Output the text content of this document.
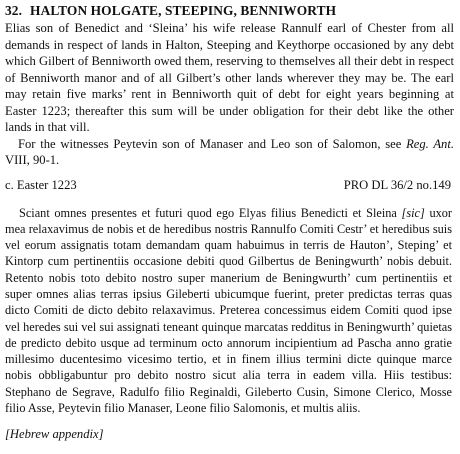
32. HALTON HOLGATE, STEEPING, BENNIWORTH

Elias son of Benedict and ‘Sleina’ his wife release Rannulf earl of Chester from all demands in respect of lands in Halton, Steeping and Keythorpe occasioned by any debt which Gilbert of Benniworth owed them, reserving to themselves all their debt in respect of Benniworth manor and of all Gilbert’s other lands wherever they may be. The earl may retain five marks’ rent in Benniworth quit of debt for eight years beginning at Easter 1223; thereafter this sum will be under obligation for their debt like the other lands in that vill.

For the witnesses Peytevin son of Manaser and Leo son of Salomon, see Reg. Ant. VIII, 90-1.

c. Easter 1223	PRO DL 36/2 no.149

Sciant omnes presentes et futuri quod ego Elyas filius Benedicti et Sleina [sic] uxor mea relaxavimus de nobis et de heredibus nostris Rannulfo Comiti Cestr’ et heredibus suis vel eorum assignatis totam demandam quam habuimus in terris de Hauton’, Steping’ et Kintorp cum pertinentiis occasione debiti quod Gilbertus de Beningwurth’ nobis debuit. Retento nobis toto debito nostro super manerium de Beningwurth’ cum pertinentiis et super omnes alias terras ipsius Gileberti ubicumque fuerint, preter predictas terras quas dicto Comiti de dicto debito relaxavimus. Preterea concessimus eidem Comiti quod ipse vel heredes sui vel sui assignati teneant quinque marcatas redditus in Beningwurth’ quietas de predicto debito usque ad terminum octo annorum incipientium ad Pascha anno gratie millesimo ducentesimo vicesimo tertio, et in finem illius termini dicte quinque marce nobis obbligabuntur pro debito nostro sicut alia terra in eadem villa. Hiis testibus: Stephano de Segrave, Radulfo filio Reginaldi, Gileberto Cusin, Simone Clerico, Mosse filio Asse, Peytevin filio Manaser, Leone filio Salomonis, et multis aliis.

[Hebrew appendix]
